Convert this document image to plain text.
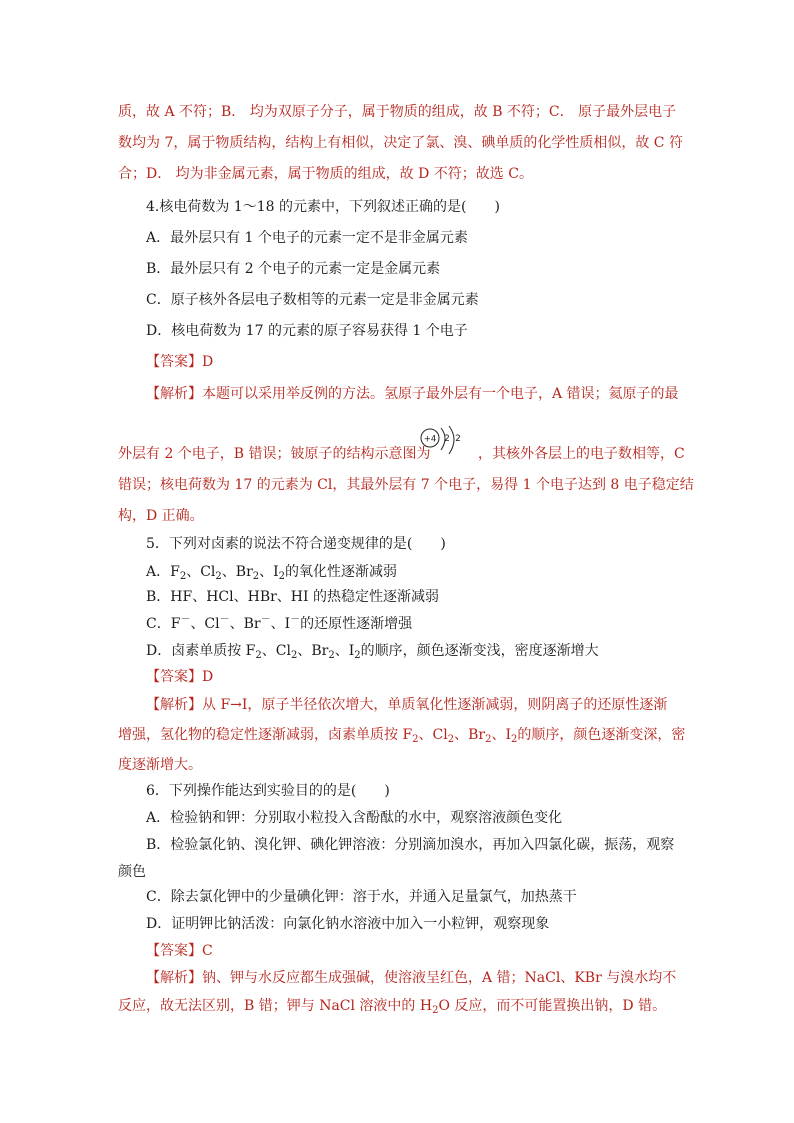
质，故 A 不符；B． 均为双原子分子，属于物质的组成，故 B 不符；C． 原子最外层电子
数均为 7，属于物质结构，结构上有相似，决定了氯、溴、碘单质的化学性质相似，故 C 符
合；D． 均为非金属元素，属于物质的组成，故 D 不符；故选 C。
4.核电荷数为 1～18 的元素中，下列叙述正确的是(　　)
A．最外层只有 1 个电子的元素一定不是非金属元素
B．最外层只有 2 个电子的元素一定是金属元素
C．原子核外各层电子数相等的元素一定是非金属元素
D．核电荷数为 17 的元素的原子容易获得 1 个电子
【答案】D
【解析】本题可以采用举反例的方法。氢原子最外层有一个电子，A 错误；氦原子的最
外层有 2 个电子，B 错误；铍原子的结构示意图为
+4 2 2
，其核外各层上的电子数相等，C
错误；核电荷数为 17 的元素为 Cl，其最外层有 7 个电子，易得 1 个电子达到 8 电子稳定结
构，D 正确。
5．下列对卤素的说法不符合递变规律的是(　　)
A．$F_2$、$Cl_2$、$Br_2$、$I_2$的氧化性逐渐减弱
B．HF、HCl、HBr、HI 的热稳定性逐渐减弱
C．F－、Cl－、Br－、I－的还原性逐渐增强
D．卤素单质按 $F_2$、$Cl_2$、$Br_2$、$I_2$的顺序，颜色逐渐变浅，密度逐渐增大
【答案】D
【解析】从 F→I，原子半径依次增大，单质氧化性逐渐减弱，则阴离子的还原性逐渐
增强，氢化物的稳定性逐渐减弱，卤素单质按 $F_2$、$Cl_2$、$Br_2$、$I_2$的顺序，颜色逐渐变深，密
度逐渐增大。
6．下列操作能达到实验目的的是(　　)
A．检验钠和钾：分别取小粒投入含酚酞的水中，观察溶液颜色变化
B．检验氯化钠、溴化钾、碘化钾溶液：分别滴加溴水，再加入四氯化碳，振荡，观察
颜色
C．除去氯化钾中的少量碘化钾：溶于水，并通入足量氯气，加热蒸干
D．证明钾比钠活泼：向氯化钠水溶液中加入一小粒钾，观察现象
【答案】C
【解析】钠、钾与水反应都生成强碱，使溶液呈红色，A 错；NaCl、KBr 与溴水均不
反应，故无法区别，B 错；钾与 NaCl 溶液中的 $H_2O$ 反应，而不可能置换出钠，D 错。
